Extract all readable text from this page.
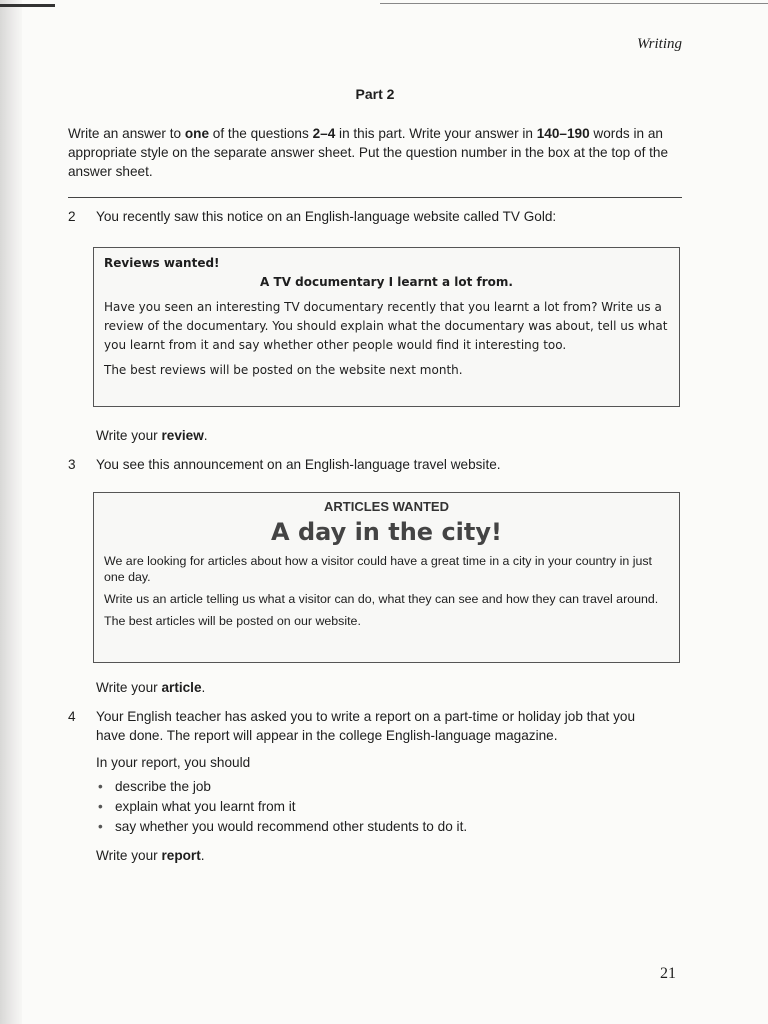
Writing
Part 2
Write an answer to one of the questions 2–4 in this part. Write your answer in 140–190 words in an appropriate style on the separate answer sheet. Put the question number in the box at the top of the answer sheet.
2 You recently saw this notice on an English-language website called TV Gold:

Reviews wanted!

A TV documentary I learnt a lot from.

Have you seen an interesting TV documentary recently that you learnt a lot from? Write us a review of the documentary. You should explain what the documentary was about, tell us what you learnt from it and say whether other people would find it interesting too.

The best reviews will be posted on the website next month.

Write your review.
3 You see this announcement on an English-language travel website.

ARTICLES WANTED

A day in the city!

We are looking for articles about how a visitor could have a great time in a city in your country in just one day.

Write us an article telling us what a visitor can do, what they can see and how they can travel around.

The best articles will be posted on our website.

Write your article.
4 Your English teacher has asked you to write a report on a part-time or holiday job that you have done. The report will appear in the college English-language magazine.
In your report, you should
• describe the job
• explain what you learnt from it
• say whether you would recommend other students to do it.
Write your report.
21
